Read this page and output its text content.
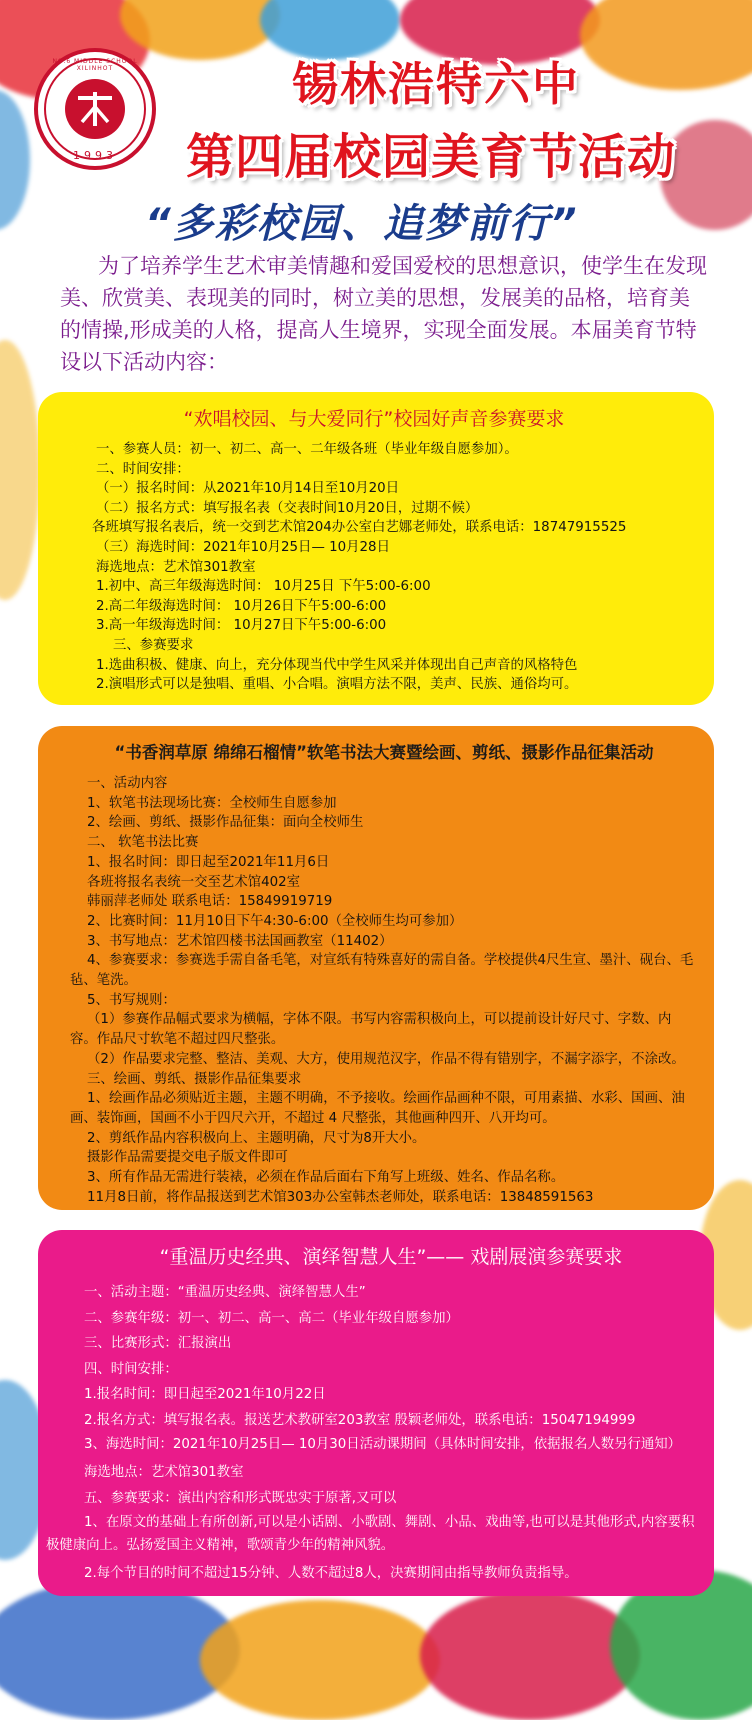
NO.6 MIDDLE SCHOOL XILINHOT
1993
锡林浩特六中
第四届校园美育节活动
“多彩校园、追梦前行”
为了培养学生艺术审美情趣和爱国爱校的思想意识，使学生在发现美、欣赏美、表现美的同时，树立美的思想，发展美的品格，培育美的情操,形成美的人格，提高人生境界，实现全面发展。本届美育节特设以下活动内容：
“欢唱校园、与大爱同行”校园好声音参赛要求
一、参赛人员：初一、初二、高一、二年级各班（毕业年级自愿参加）。
二、时间安排：
（一）报名时间：从2021年10月14日至10月20日
（二）报名方式：填写报名表（交表时间10月20日，过期不候）
各班填写报名表后，统一交到艺术馆204办公室白艺娜老师处，联系电话：18747915525
（三）海选时间：2021年10月25日— 10月28日
海选地点：艺术馆301教室
1.初中、高三年级海选时间： 10月25日 下午5:00-6:00
2.高二年级海选时间： 10月26日下午5:00-6:00
3.高一年级海选时间： 10月27日下午5:00-6:00
三、参赛要求
1.选曲积极、健康、向上，充分体现当代中学生风采并体现出自己声音的风格特色
2.演唱形式可以是独唱、重唱、小合唱。演唱方法不限，美声、民族、通俗均可。
“书香润草原 绵绵石榴情”软笔书法大赛暨绘画、剪纸、摄影作品征集活动
一、活动内容
1、软笔书法现场比赛：全校师生自愿参加
2、绘画、剪纸、摄影作品征集：面向全校师生
二、 软笔书法比赛
1、报名时间：即日起至2021年11月6日
各班将报名表统一交至艺术馆402室
韩丽萍老师处 联系电话：15849919719
2、比赛时间：11月10日下午4:30-6:00（全校师生均可参加）
3、书写地点：艺术馆四楼书法国画教室（11402）
4、参赛要求：参赛选手需自备毛笔，对宣纸有特殊喜好的需自备。学校提供4尺生宣、墨汁、砚台、毛毡、笔洗。
5、书写规则：
（1）参赛作品幅式要求为横幅，字体不限。书写内容需积极向上，可以提前设计好尺寸、字数、内容。作品尺寸软笔不超过四尺整张。
（2）作品要求完整、整洁、美观、大方，使用规范汉字，作品不得有错别字，不漏字添字，不涂改。
三、绘画、剪纸、摄影作品征集要求
1、绘画作品必须贴近主题，主题不明确，不予接收。绘画作品画种不限，可用素描、水彩、国画、油画、装饰画，国画不小于四尺六开，不超过 4 尺整张，其他画种四开、八开均可。
2、剪纸作品内容积极向上、主题明确，尺寸为8开大小。
摄影作品需要提交电子版文件即可
3、所有作品无需进行装裱，必须在作品后面右下角写上班级、姓名、作品名称。
11月8日前，将作品报送到艺术馆303办公室韩杰老师处，联系电话：13848591563
“重温历史经典、演绎智慧人生”—— 戏剧展演参赛要求
一、活动主题：“重温历史经典、演绎智慧人生”
二、参赛年级：初一、初二、高一、高二（毕业年级自愿参加）
三、比赛形式：汇报演出
四、时间安排：
1.报名时间：即日起至2021年10月22日
2.报名方式：填写报名表。报送艺术教研室203教室 殷颖老师处，联系电话：15047194999
3、海选时间：2021年10月25日— 10月30日活动课期间（具体时间安排，依据报名人数另行通知）
海选地点：艺术馆301教室
五、参赛要求：演出内容和形式既忠实于原著,又可以
1、在原文的基础上有所创新,可以是小话剧、小歌剧、舞剧、小品、戏曲等,也可以是其他形式,内容要积极健康向上。弘扬爱国主义精神，歌颂青少年的精神风貌。
2.每个节目的时间不超过15分钟、人数不超过8人，决赛期间由指导教师负责指导。
